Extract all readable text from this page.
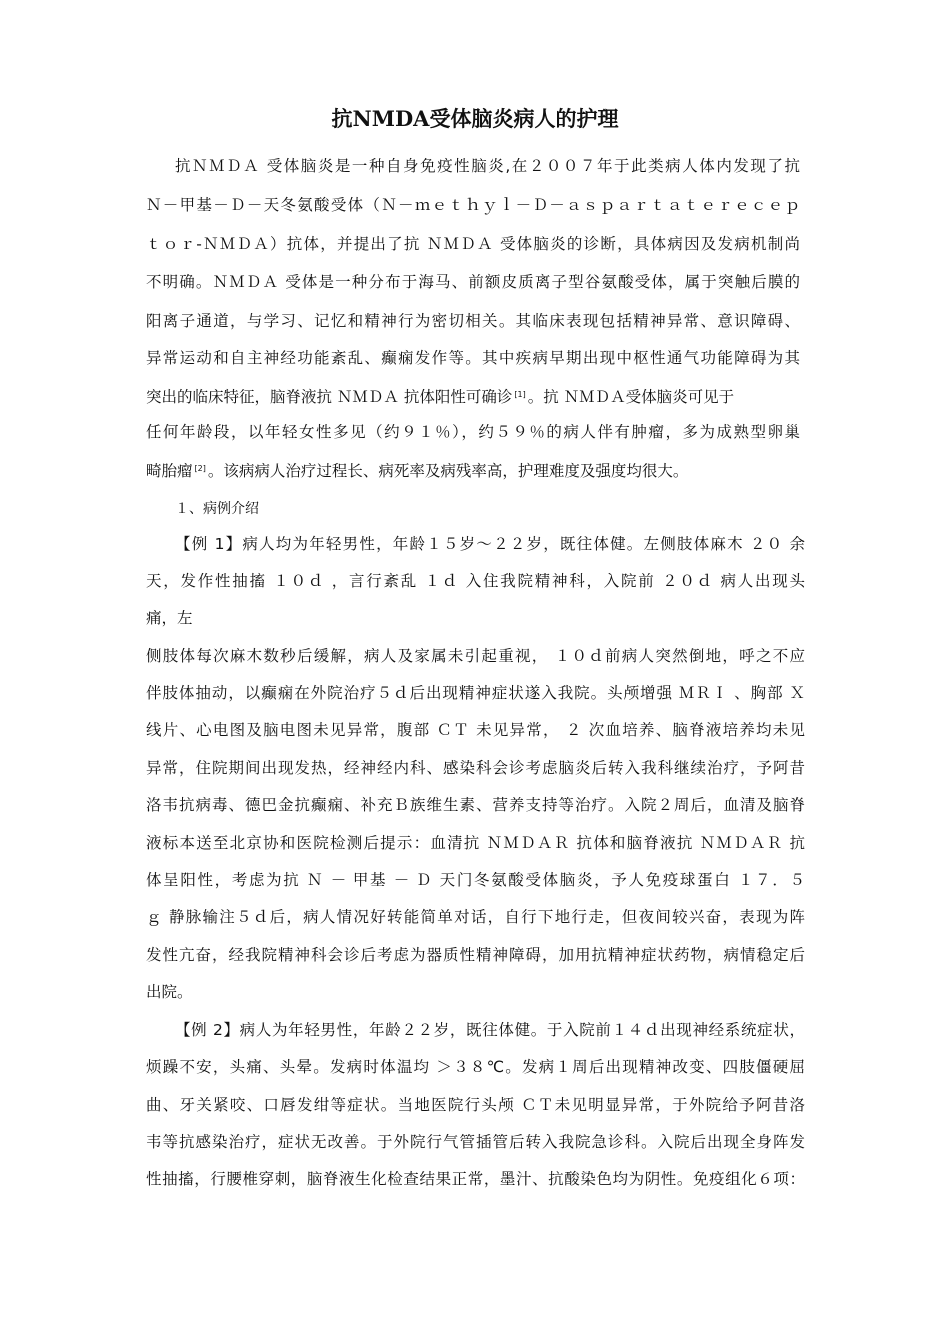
抗NMDA受体脑炎病人的护理
抗ＮＭＤＡ 受体脑炎是一种自身免疫性脑炎,在２００７年于此类病人体内发现了抗
Ｎ－甲基－Ｄ－天冬氨酸受体（Ｎ－ｍｅｔｈｙｌ－Ｄ－ａｓｐａｒｔａｔｅｒｅｃｅｐ
ｔｏｒ-ＮＭＤＡ）抗体，并提出了抗 ＮＭＤＡ 受体脑炎的诊断，具体病因及发病机制尚
不明确。ＮＭＤＡ 受体是一种分布于海马、前额皮质离子型谷氨酸受体，属于突触后膜的
阳离子通道，与学习、记忆和精神行为密切相关。其临床表现包括精神异常、意识障碍、
异常运动和自主神经功能紊乱、癫痫发作等。其中疾病早期出现中枢性通气功能障碍为其
突出的临床特征，脑脊液抗 ＮＭＤＡ 抗体阳性可确诊 [1] 。抗 ＮＭＤＡ受体脑炎可见于
任何年龄段，以年轻女性多见（约９１％），约５９％的病人伴有肿瘤，多为成熟型卵巢
畸胎瘤 [2] 。该病病人治疗过程长、病死率及病残率高，护理难度及强度均很大。
１、病例介绍
【例 1】病人均为年轻男性，年龄１５岁～２２岁，既往体健。左侧肢体麻木 ２０ 余
天，发作性抽搐 １０ｄ ，言行紊乱 １ｄ 入住我院精神科，入院前 ２０ｄ 病人出现头
痛，左
侧肢体每次麻木数秒后缓解，病人及家属未引起重视， １０ｄ前病人突然倒地，呼之不应
伴肢体抽动，以癫痫在外院治疗５ｄ后出现精神症状遂入我院。头颅增强 ＭＲＩ 、胸部 Ｘ
线片、心电图及脑电图未见异常，腹部 ＣＴ 未见异常， ２ 次血培养、脑脊液培养均未见
异常，住院期间出现发热，经神经内科、感染科会诊考虑脑炎后转入我科继续治疗，予阿昔
洛韦抗病毒、德巴金抗癫痫、补充Ｂ族维生素、营养支持等治疗。入院２周后，血清及脑脊
液标本送至北京协和医院检测后提示：血清抗 ＮＭＤＡＲ 抗体和脑脊液抗 ＮＭＤＡＲ 抗
体呈阳性，考虑为抗 Ｎ － 甲基 － Ｄ 天门冬氨酸受体脑炎，予人免疫球蛋白 １７．５
ｇ 静脉输注５ｄ后，病人情况好转能简单对话，自行下地行走，但夜间较兴奋，表现为阵
发性亢奋，经我院精神科会诊后考虑为器质性精神障碍，加用抗精神症状药物，病情稳定后
出院。
【例 2】病人为年轻男性，年龄２２岁，既往体健。于入院前１４ｄ出现神经系统症状，
烦躁不安，头痛、头晕。发病时体温均 ＞３８℃。发病１周后出现精神改变、四肢僵硬屈
曲、牙关紧咬、口唇发绀等症状。当地医院行头颅 ＣＴ未见明显异常，于外院给予阿昔洛
韦等抗感染治疗，症状无改善。于外院行气管插管后转入我院急诊科。入院后出现全身阵发
性抽搐，行腰椎穿刺，脑脊液生化检查结果正常，墨汁、抗酸染色均为阴性。免疫组化６项：
